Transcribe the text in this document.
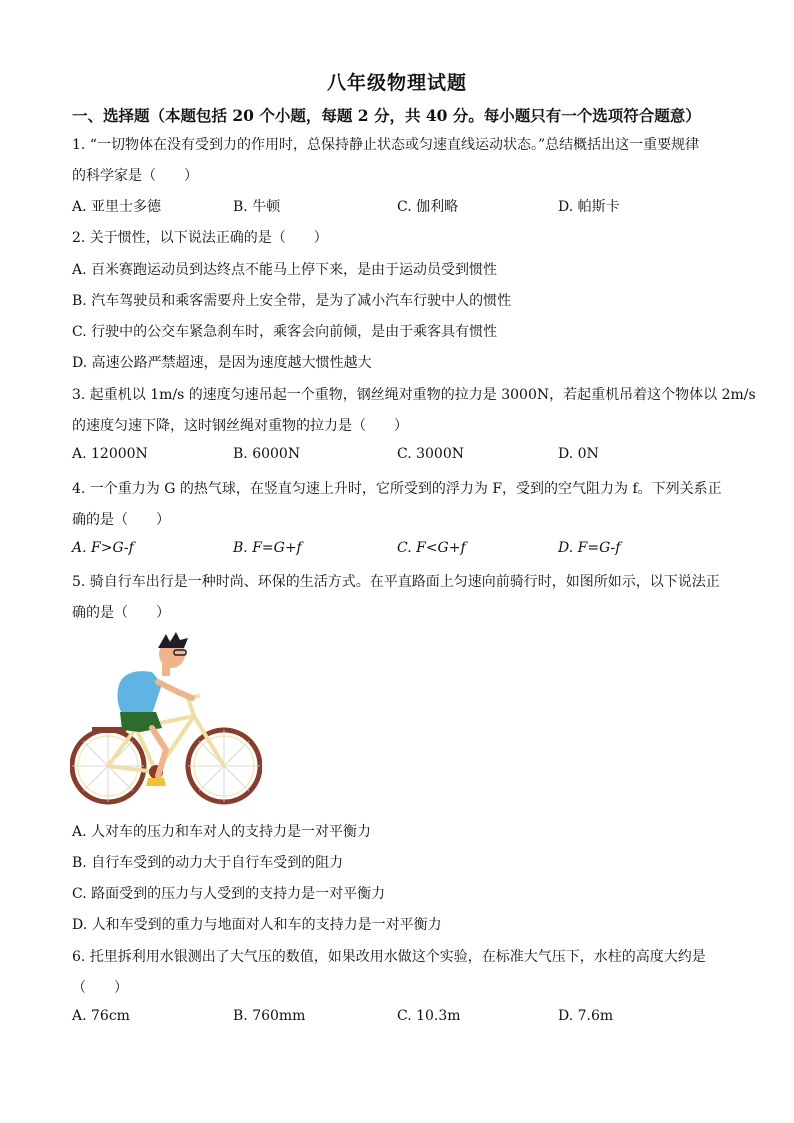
八年级物理试题
一、选择题（本题包括 20 个小题，每题 2 分，共 40 分。每小题只有一个选项符合题意）
1. “一切物体在没有受到力的作用时，总保持静止状态或匀速直线运动状态。”总结概括出这一重要规律
的科学家是（　　）
A. 亚里士多德	B. 牛顿	C. 伽利略	D. 帕斯卡
2. 关于惯性，以下说法正确的是（　　）
A. 百米赛跑运动员到达终点不能马上停下来，是由于运动员受到惯性
B. 汽车驾驶员和乘客需要舟上安全带，是为了减小汽车行驶中人的惯性
C. 行驶中的公交车紧急刹车时，乘客会向前倾，是由于乘客具有惯性
D. 高速公路严禁超速，是因为速度越大惯性越大
3. 起重机以 1m/s 的速度匀速吊起一个重物，钢丝绳对重物的拉力是 3000N，若起重机吊着这个物体以 2m/s
的速度匀速下降，这时钢丝绳对重物的拉力是（　　）
A. 12000N	B. 6000N	C. 3000N	D. 0N
4. 一个重力为 G 的热气球，在竖直匀速上升时，它所受到的浮力为 F，受到的空气阻力为 f。下列关系正
确的是（　　）
A. F>G-f	B. F=G+f	C. F<G+f	D. F=G-f
5. 骑自行车出行是一种时尚、环保的生活方式。在平直路面上匀速向前骑行时，如图所如示，以下说法正
确的是（　　）
A. 人对车的压力和车对人的支持力是一对平衡力
B. 自行车受到的动力大于自行车受到的阻力
C. 路面受到的压力与人受到的支持力是一对平衡力
D. 人和车受到的重力与地面对人和车的支持力是一对平衡力
6. 托里拆利用水银测出了大气压的数值，如果改用水做这个实验，在标准大气压下，水柱的高度大约是
（　　）
A. 76cm	B. 760mm	C. 10.3m	D. 7.6m
